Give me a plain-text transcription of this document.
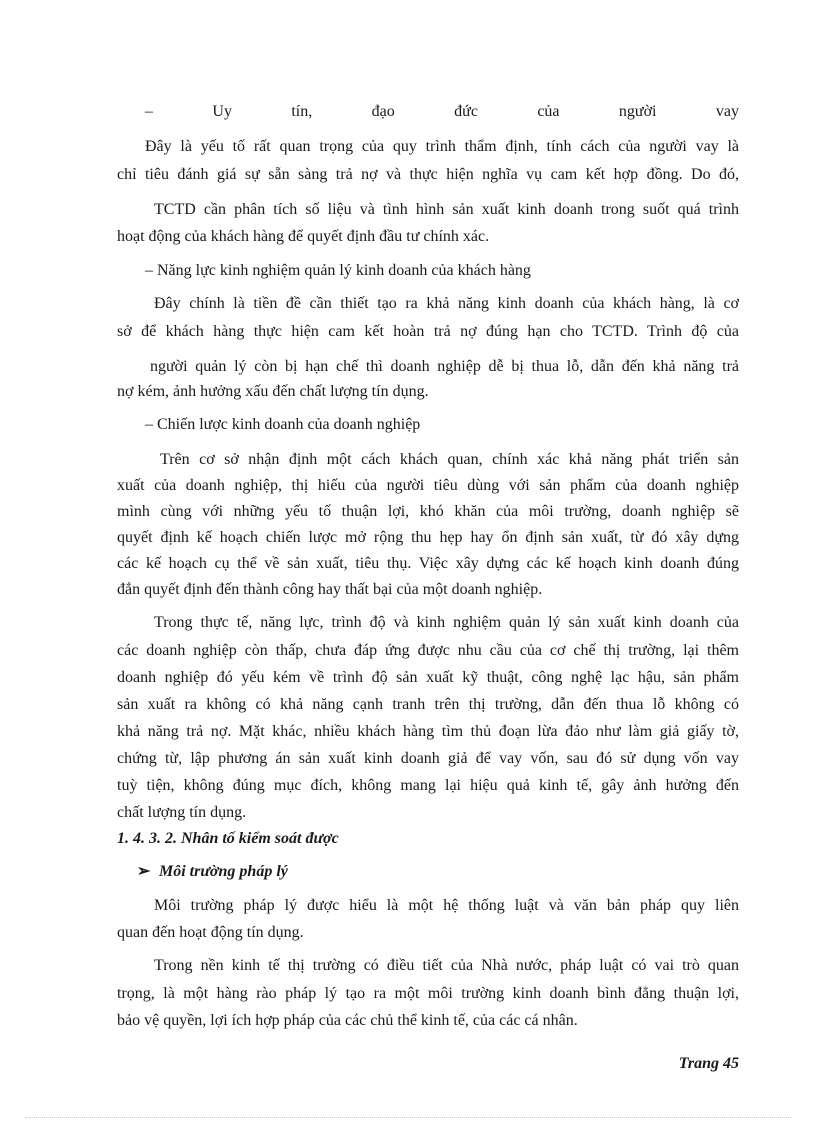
– Uy tín, đạo đức của người vay
Đây là yếu tố rất quan trọng của quy trình thẩm định, tính cách của người vay là
chỉ tiêu đánh giá sự sẵn sàng trả nợ và thực hiện nghĩa vụ cam kết hợp đồng. Do đó,
TCTD cần phân tích số liệu và tình hình sản xuất kinh doanh trong suốt quá trình
hoạt động của khách hàng để quyết định đầu tư chính xác.
– Năng lực kinh nghiệm quản lý kinh doanh của khách hàng
Đây chính là tiền đề cần thiết tạo ra khả năng kinh doanh của khách hàng, là cơ
sở để khách hàng thực hiện cam kết hoàn trả nợ đúng hạn cho TCTD. Trình độ của
người quản lý còn bị hạn chế thì doanh nghiệp dễ bị thua lỗ, dẫn đến khả năng trả
nợ kém, ảnh hưởng xấu đến chất lượng tín dụng.
– Chiến lược kinh doanh của doanh nghiệp
Trên cơ sở nhận định một cách khách quan, chính xác khả năng phát triển sản
xuất của doanh nghiệp, thị hiếu của người tiêu dùng với sản phẩm của doanh nghiệp
mình cùng với những yếu tố thuận lợi, khó khăn của môi trường, doanh nghiệp sẽ
quyết định kế hoạch chiến lược mở rộng thu hẹp hay ổn định sản xuất, từ đó xây dựng
các kế hoạch cụ thể về sản xuất, tiêu thụ. Việc xây dựng các kế hoạch kinh doanh đúng
đắn quyết định đến thành công hay thất bại của một doanh nghiệp.
Trong thực tế, năng lực, trình độ và kinh nghiệm quản lý sản xuất kinh doanh của
các doanh nghiệp còn thấp, chưa đáp ứng được nhu cầu của cơ chế thị trường, lại thêm
doanh nghiệp đó yếu kém về trình độ sản xuất kỹ thuật, công nghệ lạc hậu, sản phẩm
sản xuất ra không có khả năng cạnh tranh trên thị trường, dẫn đến thua lỗ không có
khả năng trả nợ. Mặt khác, nhiều khách hàng tìm thủ đoạn lừa đảo như làm giả giấy tờ,
chứng từ, lập phương án sản xuất kinh doanh giả để vay vốn, sau đó sử dụng vốn vay
tuỳ tiện, không đúng mục đích, không mang lại hiệu quả kinh tế, gây ảnh hưởng đến
chất lượng tín dụng.
1. 4. 3. 2. Nhân tố kiểm soát được
➢ Môi trường pháp lý
Môi trường pháp lý được hiểu là một hệ thống luật và văn bản pháp quy liên
quan đến hoạt động tín dụng.
Trong nền kinh tế thị trường có điều tiết của Nhà nước, pháp luật có vai trò quan
trọng, là một hàng rào pháp lý tạo ra một môi trường kinh doanh bình đẳng thuận lợi,
bảo vệ quyền, lợi ích hợp pháp của các chủ thể kinh tế, của các cá nhân.
Trang 45
